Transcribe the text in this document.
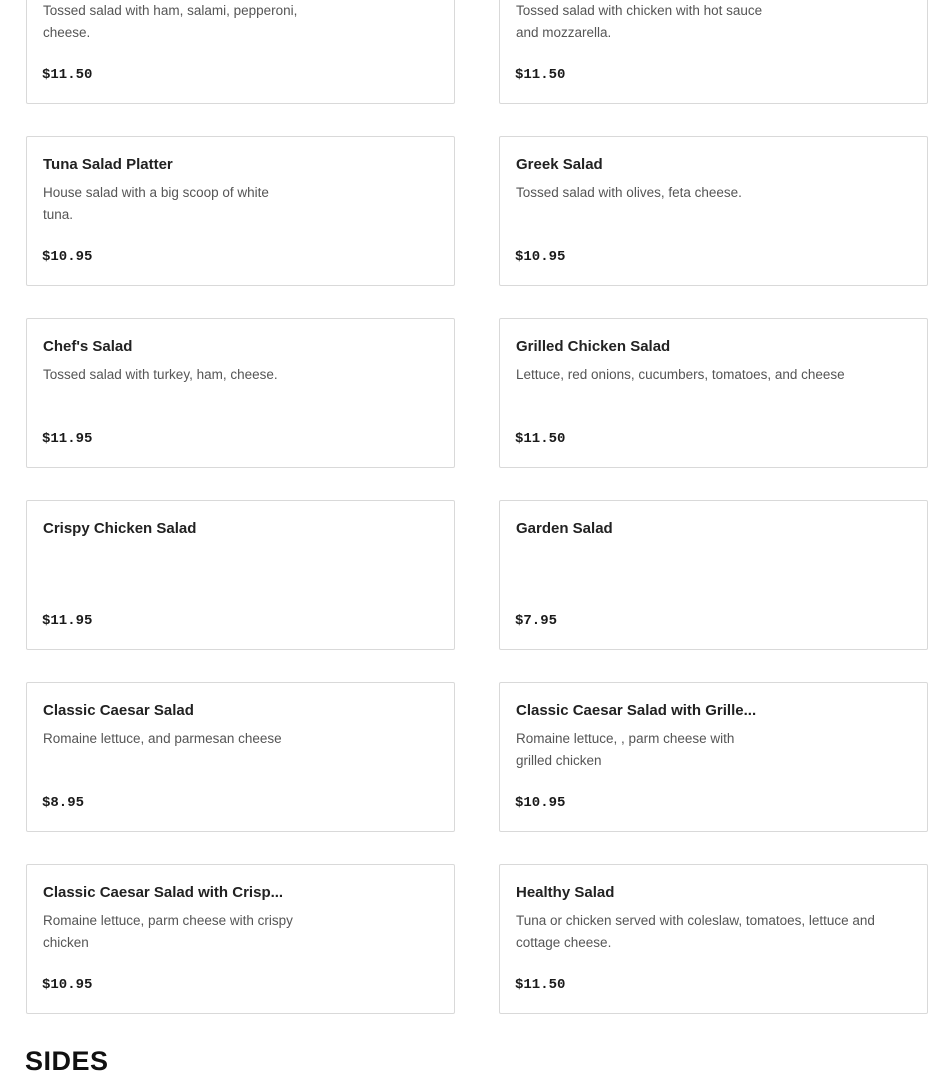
Tossed salad with ham, salami, pepperoni, cheese.
$11.50
Tossed salad with chicken with hot sauce and mozzarella.
$11.50
Tuna Salad Platter
House salad with a big scoop of white tuna.
$10.95
Greek Salad
Tossed salad with olives, feta cheese.
$10.95
Chef's Salad
Tossed salad with turkey, ham, cheese.
$11.95
Grilled Chicken Salad
Lettuce, red onions, cucumbers, tomatoes, and cheese
$11.50
Crispy Chicken Salad
$11.95
Garden Salad
$7.95
Classic Caesar Salad
Romaine lettuce, and parmesan cheese
$8.95
Classic Caesar Salad with Grille...
Romaine lettuce, , parm cheese with grilled chicken
$10.95
Classic Caesar Salad with Crisp...
Romaine lettuce, parm cheese with crispy chicken
$10.95
Healthy Salad
Tuna or chicken served with coleslaw, tomatoes, lettuce and cottage cheese.
$11.50
SIDES
